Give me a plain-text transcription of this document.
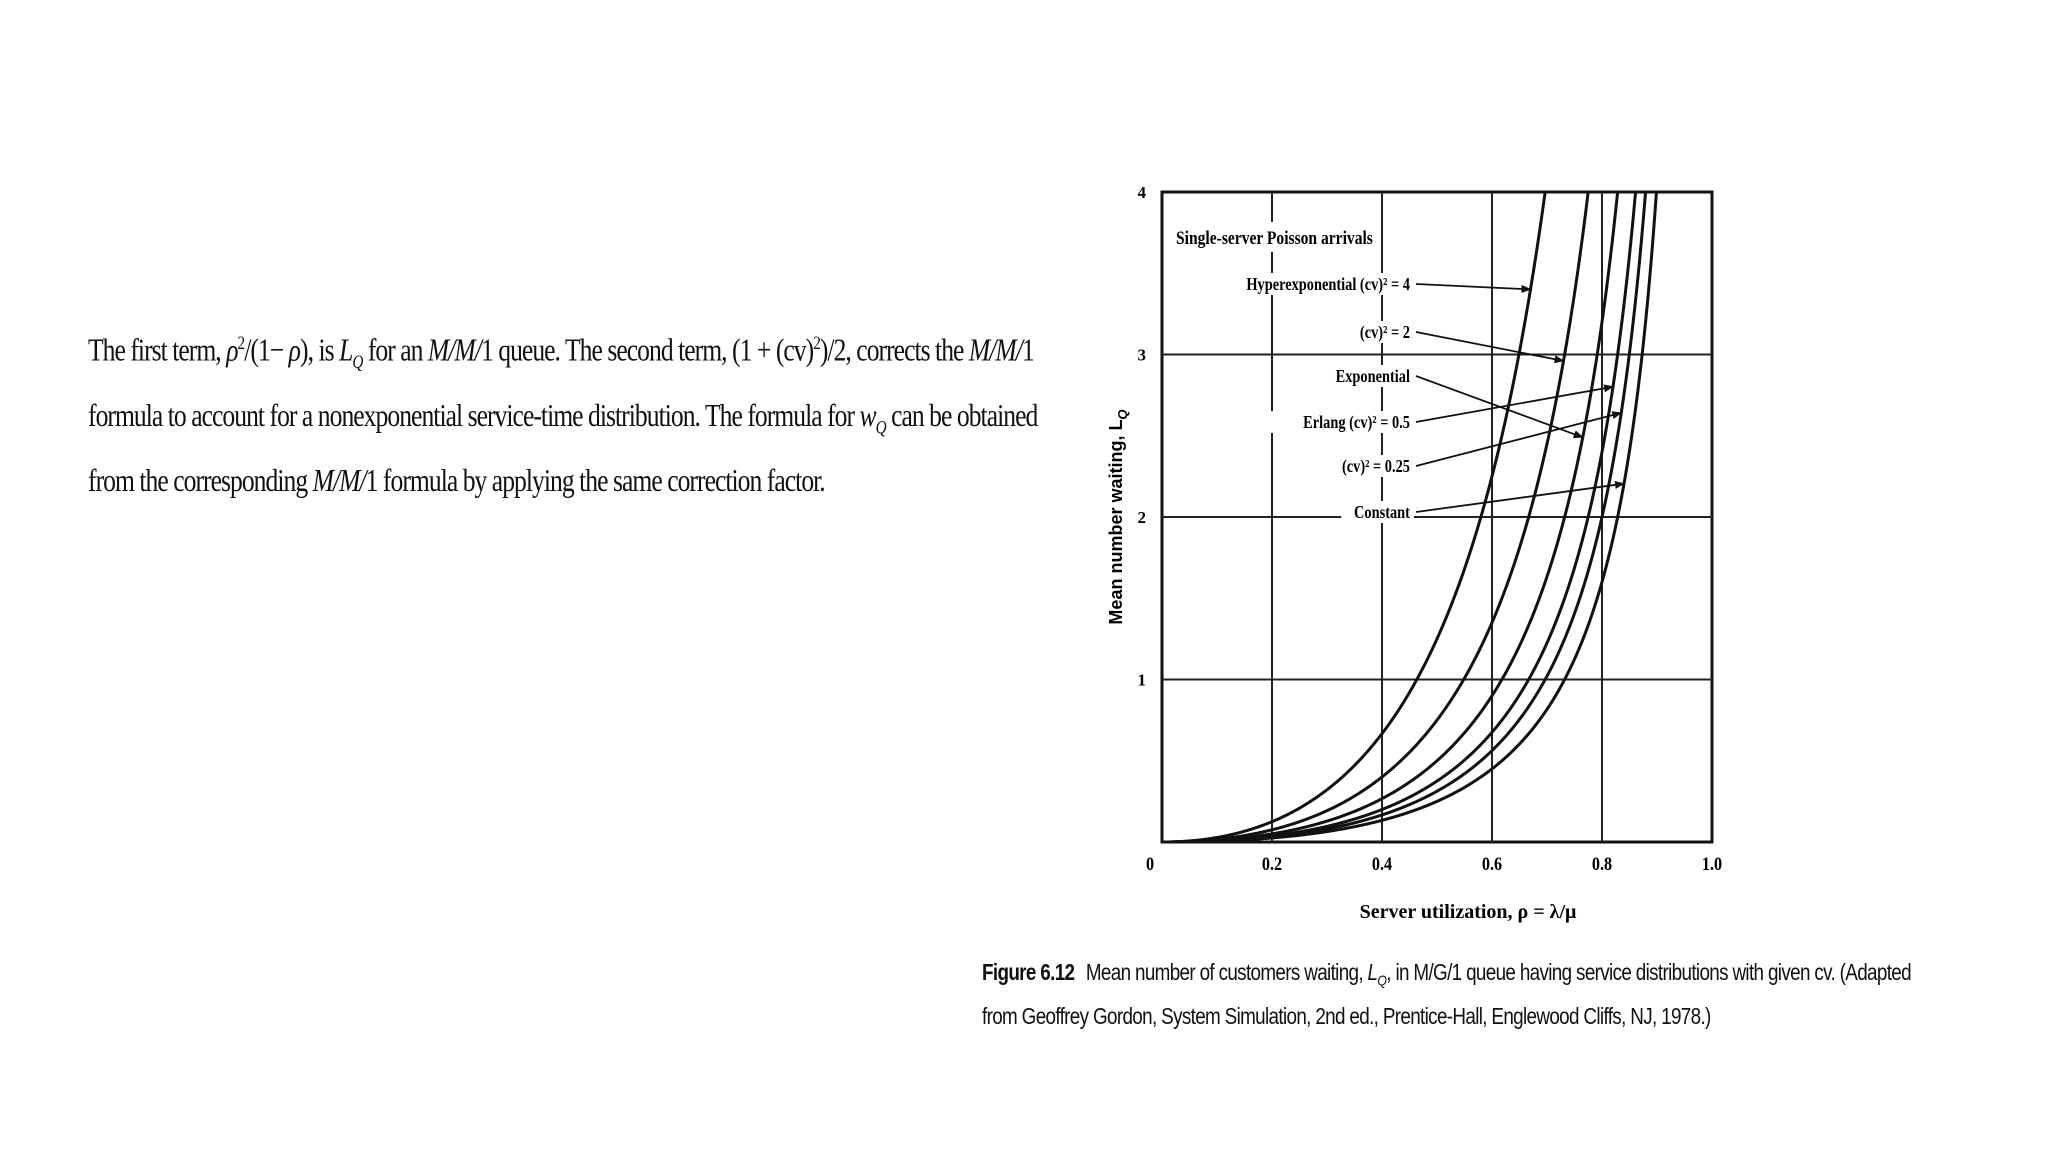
The first term, $\rho^2/(1- \rho)$, is $L_Q$ for an M/M/1 queue. The second term, (1 + (cv)$^2$)/2, corrects the M/M/1 formula to account for a nonexponential service-time distribution. The formula for $w_Q$ can be obtained from the corresponding M/M/1 formula by applying the same correction factor.
0	0.2	0.4	0.6	0.8	1.0
1
2
3
4
Server utilization, ρ = λ/μ
Mean number waiting, $L_Q$
Single-server Poisson arrivals
Hyperexponential (cv)² = 4
(cv)² = 2
Exponential
Erlang (cv)² = 0.5
(cv)² = 0.25
Constant
Figure 6.12 Mean number of customers waiting, $L_Q$, in M/G/1 queue having service distributions with given cv. (Adapted from Geoffrey Gordon, System Simulation, 2nd ed., Prentice-Hall, Englewood Cliffs, NJ, 1978.)
